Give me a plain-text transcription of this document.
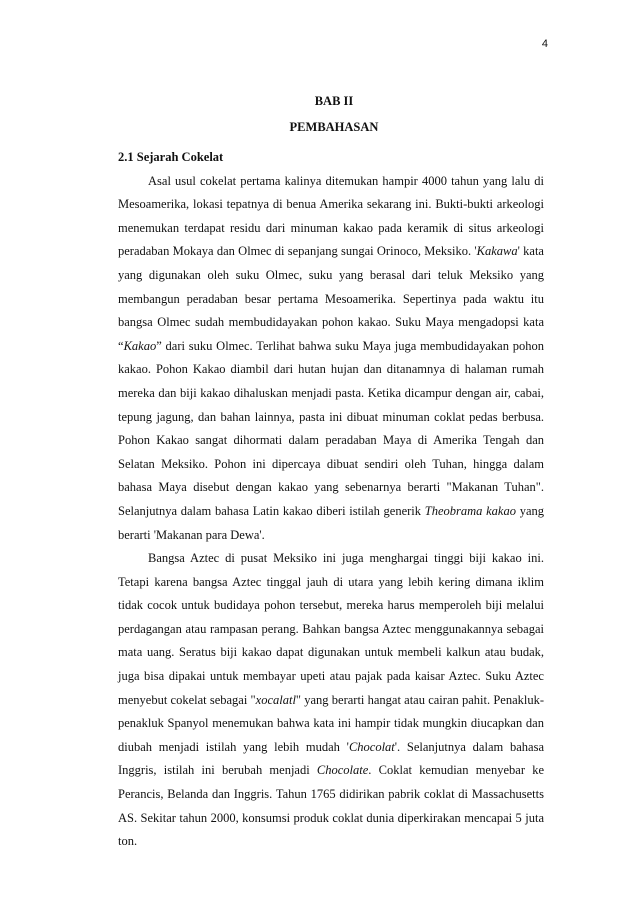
4
BAB II
PEMBAHASAN
2.1 Sejarah Cokelat

Asal usul cokelat pertama kalinya ditemukan hampir 4000 tahun yang lalu di Mesoamerika, lokasi tepatnya di benua Amerika sekarang ini. Bukti-bukti arkeologi menemukan terdapat residu dari minuman kakao pada keramik di situs arkeologi peradaban Mokaya dan Olmec di sepanjang sungai Orinoco, Meksiko. 'Kakawa' kata yang digunakan oleh suku Olmec, suku yang berasal dari teluk Meksiko yang membangun peradaban besar pertama Mesoamerika. Sepertinya pada waktu itu bangsa Olmec sudah membudidayakan pohon kakao. Suku Maya mengadopsi kata “Kakao” dari suku Olmec. Terlihat bahwa suku Maya juga membudidayakan pohon kakao. Pohon Kakao diambil dari hutan hujan dan ditanamnya di halaman rumah mereka dan biji kakao dihaluskan menjadi pasta. Ketika dicampur dengan air, cabai, tepung jagung, dan bahan lainnya, pasta ini dibuat minuman coklat pedas berbusa. Pohon Kakao sangat dihormati dalam peradaban Maya di Amerika Tengah dan Selatan Meksiko. Pohon ini dipercaya dibuat sendiri oleh Tuhan, hingga dalam bahasa Maya disebut dengan kakao yang sebenarnya berarti "Makanan Tuhan". Selanjutnya dalam bahasa Latin kakao diberi istilah generik Theobrama kakao yang berarti 'Makanan para Dewa'.

Bangsa Aztec di pusat Meksiko ini juga menghargai tinggi biji kakao ini. Tetapi karena bangsa Aztec tinggal jauh di utara yang lebih kering dimana iklim tidak cocok untuk budidaya pohon tersebut, mereka harus memperoleh biji melalui perdagangan atau rampasan perang. Bahkan bangsa Aztec menggunakannya sebagai mata uang. Seratus biji kakao dapat digunakan untuk membeli kalkun atau budak, juga bisa dipakai untuk membayar upeti atau pajak pada kaisar Aztec. Suku Aztec menyebut cokelat sebagai "xocalatl" yang berarti hangat atau cairan pahit. Penakluk-penakluk Spanyol menemukan bahwa kata ini hampir tidak mungkin diucapkan dan diubah menjadi istilah yang lebih mudah 'Chocolat'. Selanjutnya dalam bahasa Inggris, istilah ini berubah menjadi Chocolate. Coklat kemudian menyebar ke Perancis, Belanda dan Inggris. Tahun 1765 didirikan pabrik coklat di Massachusetts AS. Sekitar tahun 2000, konsumsi produk coklat dunia diperkirakan mencapai 5 juta ton.
